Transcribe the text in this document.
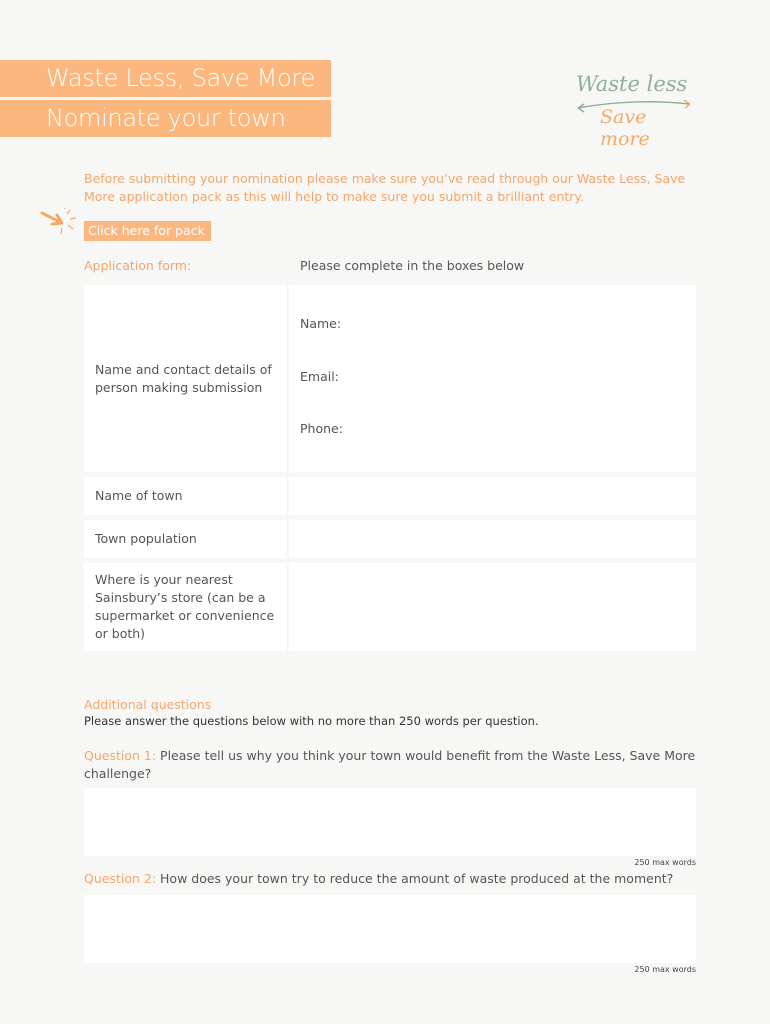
Waste Less, Save More
Nominate your town
Waste less
Save more
Before submitting your nomination please make sure you’ve read through our Waste Less, Save More application pack as this will help to make sure you submit a brilliant entry.
Click here for pack
Application form:	Please complete in the boxes below
Name and contact details of person making submission
Name:
Email:
Phone:
Name of town
Town population
Where is your nearest Sainsbury’s store (can be a supermarket or convenience or both)
Additional questions
Please answer the questions below with no more than 250 words per question.
Question 1: Please tell us why you think your town would benefit from the Waste Less, Save More challenge?
250 max words
Question 2: How does your town try to reduce the amount of waste produced at the moment?
250 max words
